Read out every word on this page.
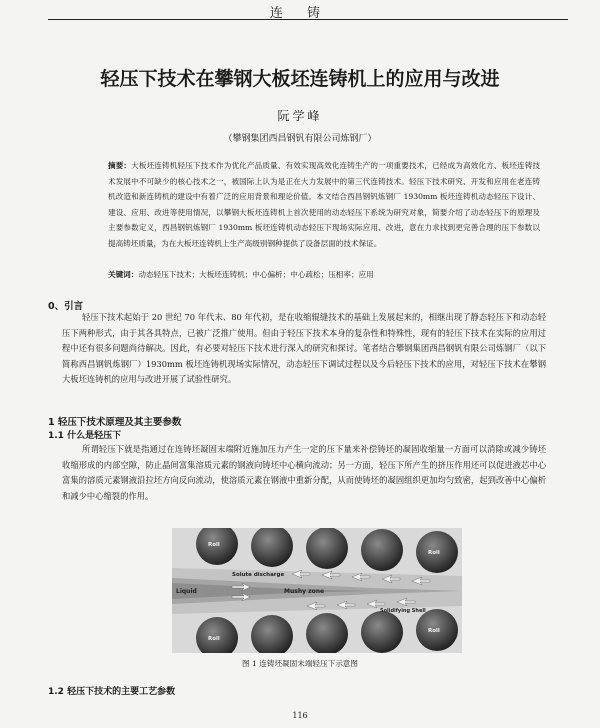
连 铸
轻压下技术在攀钢大板坯连铸机上的应用与改进
阮学峰
（攀钢集团西昌钢钒有限公司炼钢厂）
摘要：大板坯连铸机轻压下技术作为优化产品质量、有效实现高效化连铸生产的一项重要技术，已经成为高效化方、板坯连铸技术发展中不可缺少的核心技术之一，被国际上认为是正在大力发展中的第三代连铸技术。轻压下技术研究、开发和应用在老连铸机改造和新连铸机的建设中有着广泛的应用背景和理论价值。本文结合西昌钢钒炼钢厂 1930mm 板坯连铸机动态轻压下设计、建设、应用、改进等使用情况，以攀钢大板坯连铸机上首次使用的动态轻压下系统为研究对象，简要介绍了动态轻压下的原理及主要参数定义，西昌钢钒炼钢厂 1930mm 板坯连铸机动态轻压下现场实际应用、改进，意在力求找到更完善合理的压下参数以提高铸坯质量，为在大板坯连铸机上生产高级别钢种提供了设备层面的技术保证。
关键词：动态轻压下技术；大板坯连铸机；中心偏析；中心疏松；压相率；应用
0、引言
轻压下技术起始于 20 世纪 70 年代末、80 年代初，是在收缩辊缝技术的基础上发展起来的，相继出现了静态轻压下和动态轻压下两种形式，由于其各具特点，已被广泛推广使用。但由于轻压下技术本身的复杂性和特殊性，现有的轻压下技术在实际的应用过程中还有很多问题尚待解决。因此，有必要对轻压下技术进行深入的研究和探讨。笔者结合攀钢集团西昌钢钒有限公司炼钢厂（以下简称西昌钢钒炼钢厂）1930mm 板坯连铸机现场实际情况，动态轻压下调试过程以及今后轻压下技术的应用，对轻压下技术在攀钢大板坯连铸机的应用与改进开展了试验性研究。
1 轻压下技术原理及其主要参数
1.1 什么是轻压下
所谓轻压下就是指通过在连铸坯凝固末端附近施加压力产生一定的压下量来补偿铸坯的凝固收缩量一方面可以消除或减少铸坯收缩形成的内部空隙，防止晶间富集溶质元素的钢液向铸坯中心横向流动；另一方面，轻压下所产生的挤压作用还可以促进液芯中心富集的溶质元素钢液沿拉坯方向反向流动，使溶质元素在钢液中重新分配，从而使铸坯的凝固组织更加均匀致密，起到改善中心偏析和减少中心缩裂的作用。
Roll
Roll
Roll
Roll
Solute discharge
Liquid	Mushy zone
Solidifying Shell
图 1 连铸坯凝固末端轻压下示意图
1.2 轻压下技术的主要工艺参数
116
